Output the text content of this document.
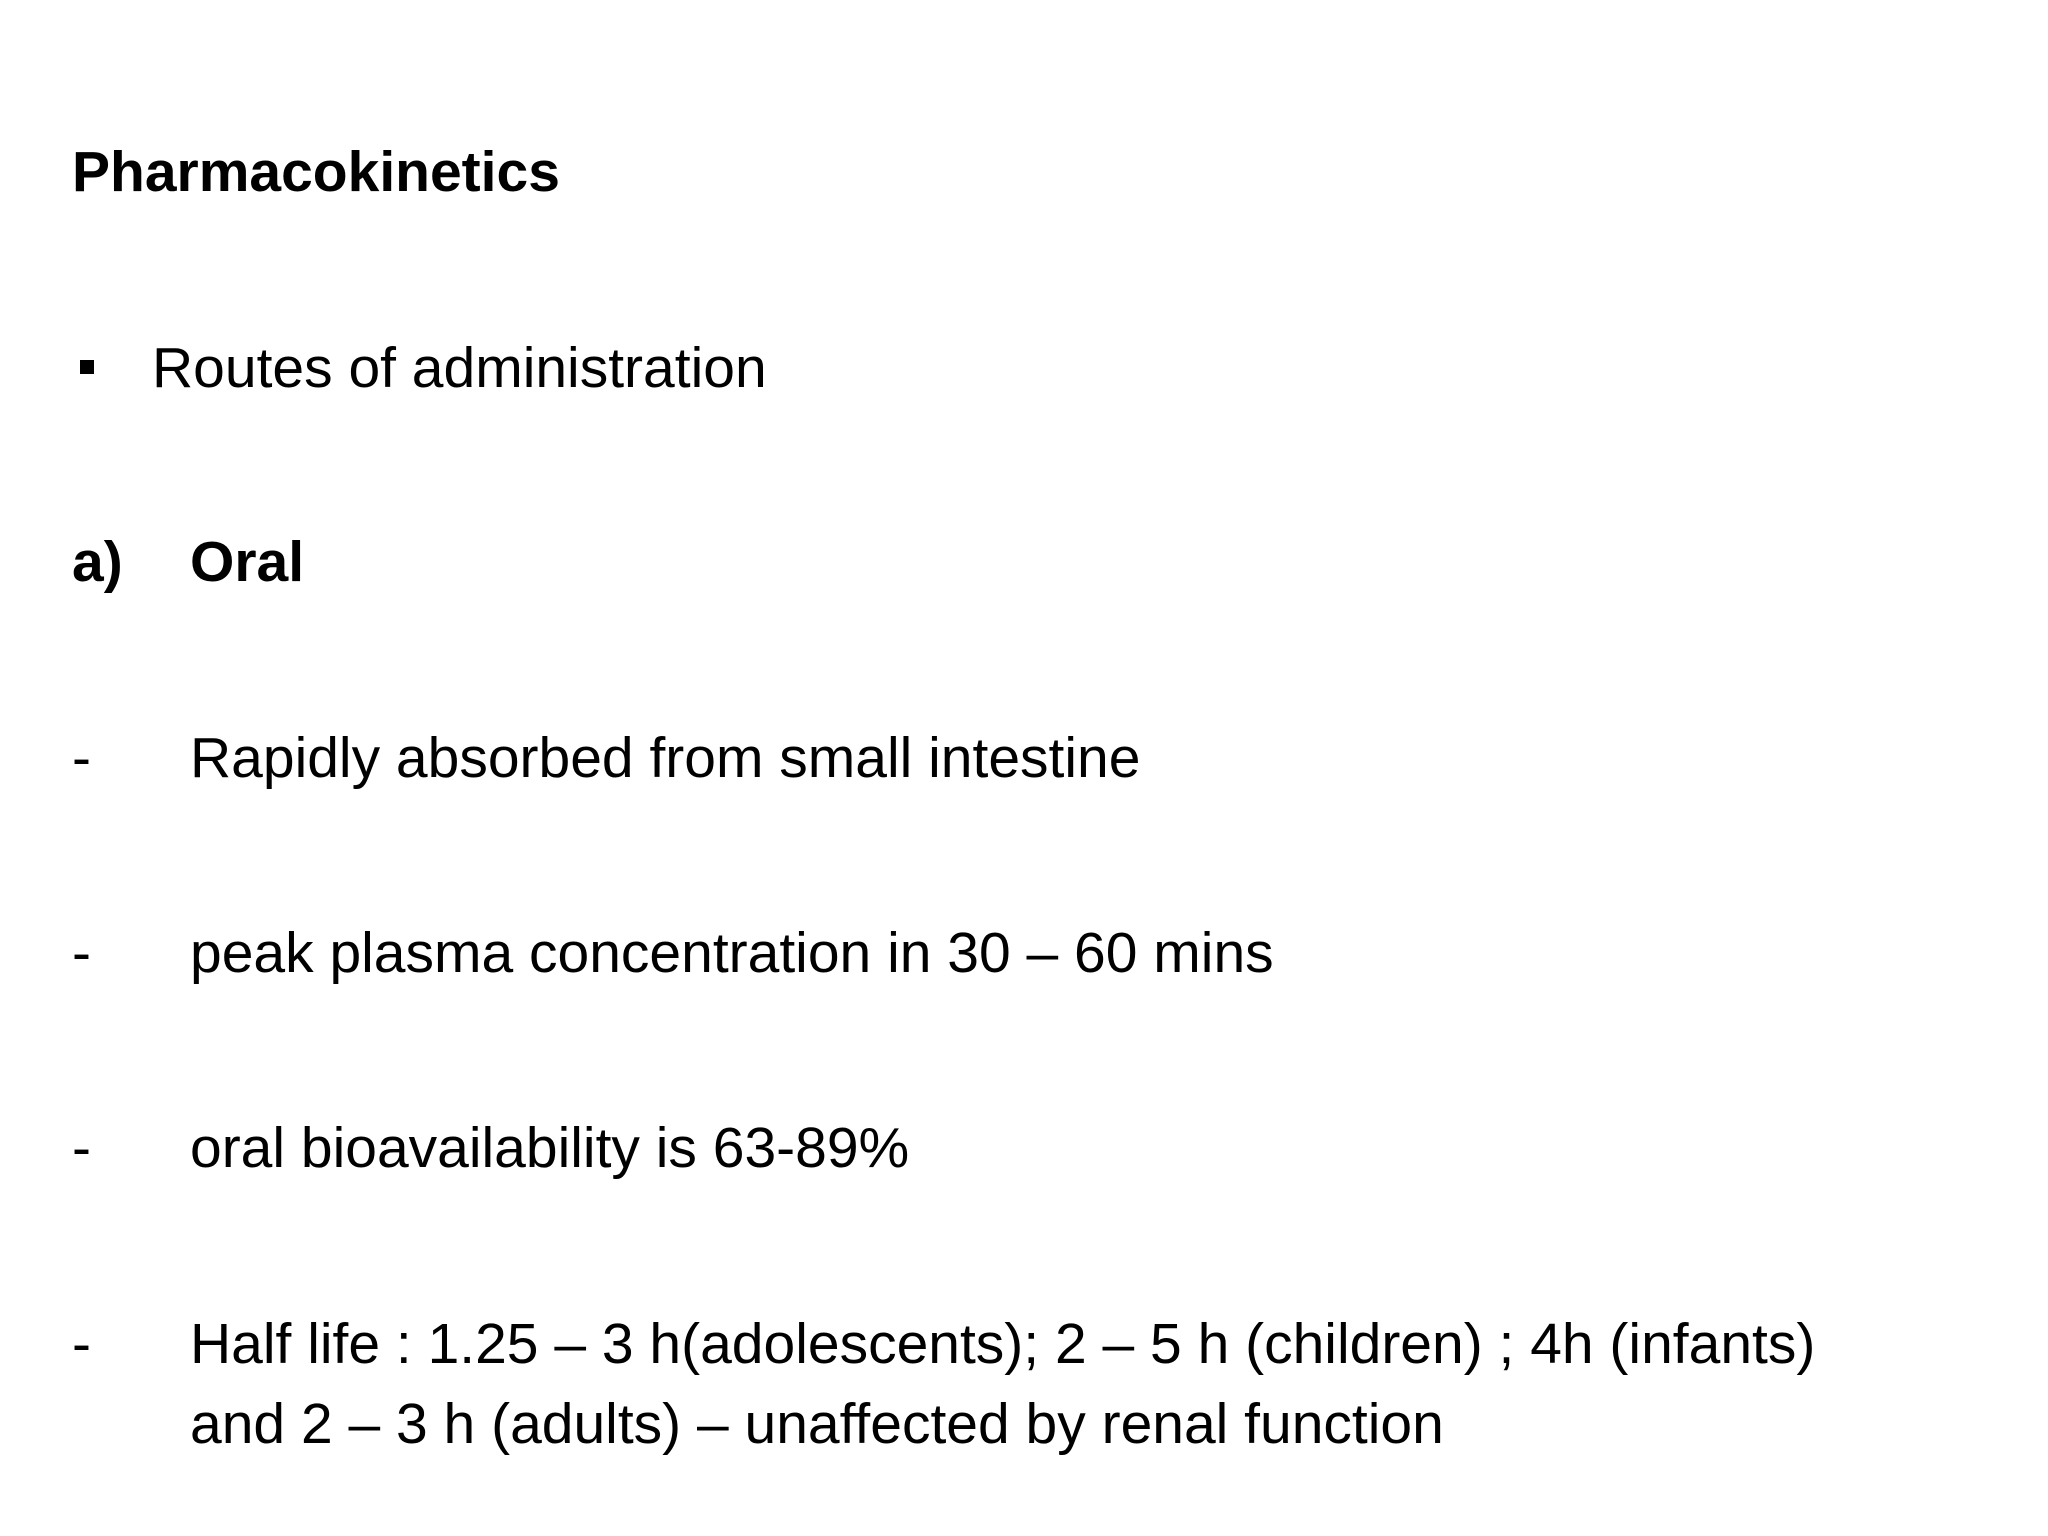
Pharmacokinetics
Routes of administration
a) Oral
- Rapidly absorbed from small intestine
- peak plasma concentration in 30 – 60 mins
- oral bioavailability is 63-89%
- Half life : 1.25 – 3 h(adolescents); 2 – 5 h (children) ; 4h (infants)
and 2 – 3 h (adults) – unaffected by renal function
